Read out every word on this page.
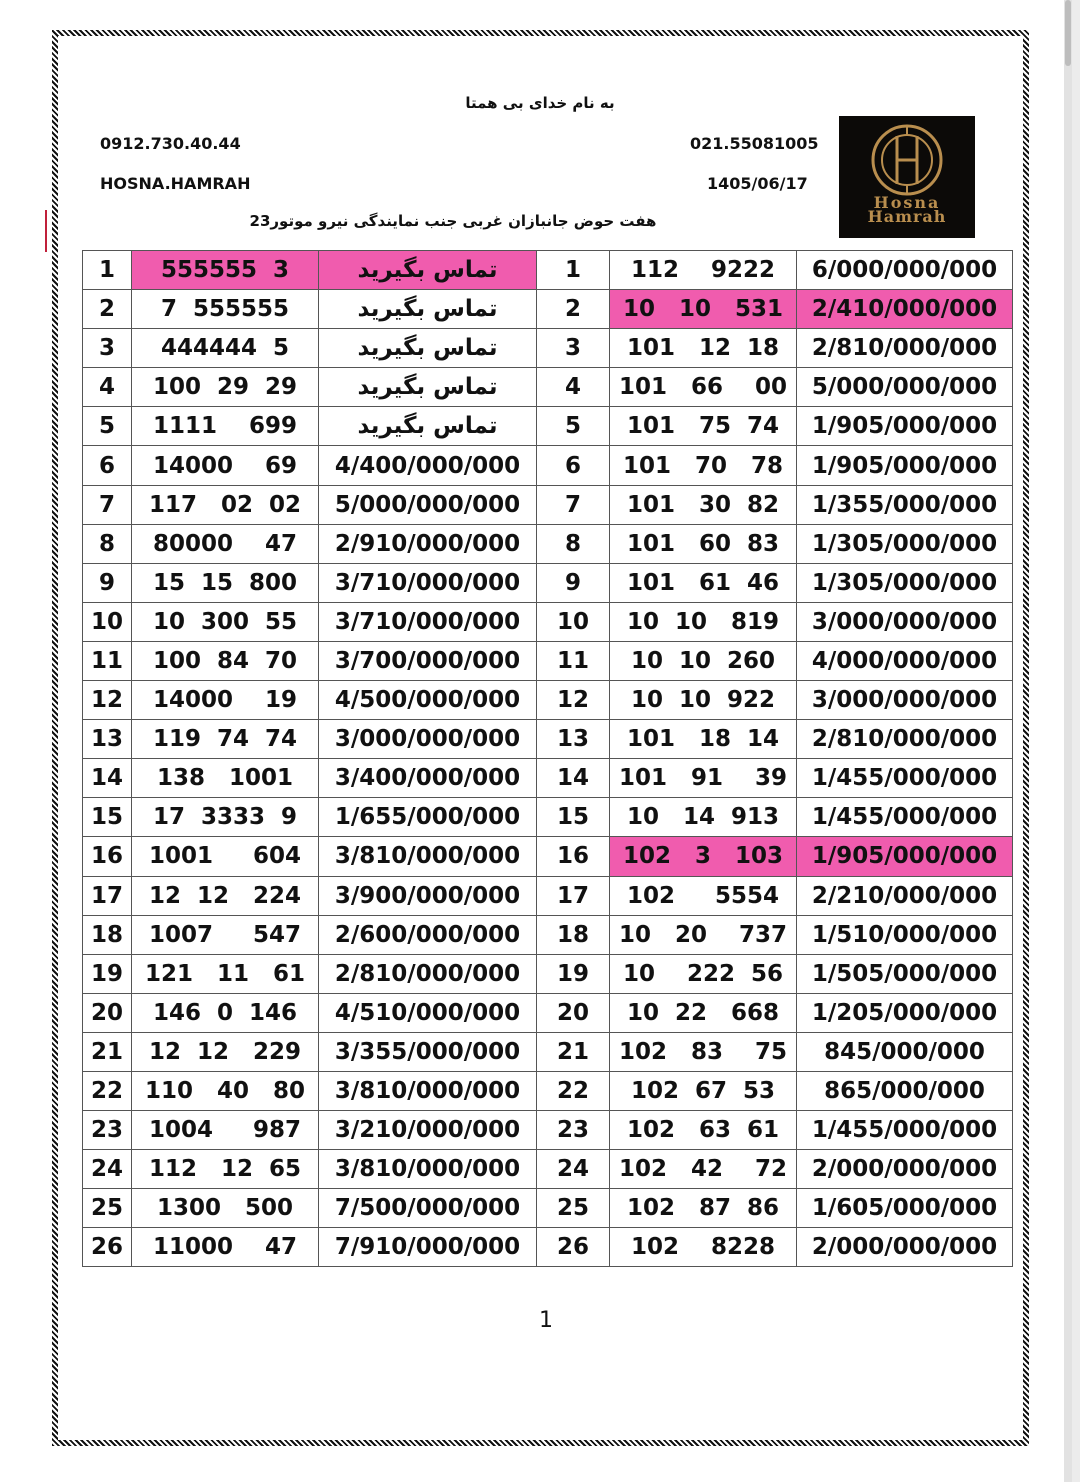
به نام خدای بی همتا
0912.730.40.44	021.55081005
HOSNA.HAMRAH	1405/06/17
هفت حوض جانبازان غربی جنب نمایندگی نیرو موتور23
Hosna
Hamrah
1	555555  3	تماس بگیرید	1	112    9222	6/000/000/000
2	7  555555	تماس بگیرید	2	10   10   531	2/410/000/000
3	444444  5	تماس بگیرید	3	101   12  18	2/810/000/000
4	100  29  29	تماس بگیرید	4	101   66    00	5/000/000/000
5	1111    699	تماس بگیرید	5	101   75  74	1/905/000/000
6	14000    69	4/400/000/000	6	101   70   78	1/905/000/000
7	117   02  02	5/000/000/000	7	101   30  82	1/355/000/000
8	80000    47	2/910/000/000	8	101   60  83	1/305/000/000
9	15  15  800	3/710/000/000	9	101   61  46	1/305/000/000
10	10  300  55	3/710/000/000	10	10  10   819	3/000/000/000
11	100  84  70	3/700/000/000	11	10  10  260	4/000/000/000
12	14000    19	4/500/000/000	12	10  10  922	3/000/000/000
13	119  74  74	3/000/000/000	13	101   18  14	2/810/000/000
14	138   1001	3/400/000/000	14	101   91    39	1/455/000/000
15	17  3333  9	1/655/000/000	15	10   14  913	1/455/000/000
16	1001     604	3/810/000/000	16	102   3   103	1/905/000/000
17	12  12   224	3/900/000/000	17	102     5554	2/210/000/000
18	1007     547	2/600/000/000	18	10   20    737	1/510/000/000
19	121   11   61	2/810/000/000	19	10    222  56	1/505/000/000
20	146  0  146	4/510/000/000	20	10  22   668	1/205/000/000
21	12  12   229	3/355/000/000	21	102   83    75	845/000/000
22	110   40   80	3/810/000/000	22	102  67  53	865/000/000
23	1004     987	3/210/000/000	23	102   63  61	1/455/000/000
24	112   12  65	3/810/000/000	24	102   42    72	2/000/000/000
25	1300   500	7/500/000/000	25	102   87  86	1/605/000/000
26	11000    47	7/910/000/000	26	102    8228	2/000/000/000
1
